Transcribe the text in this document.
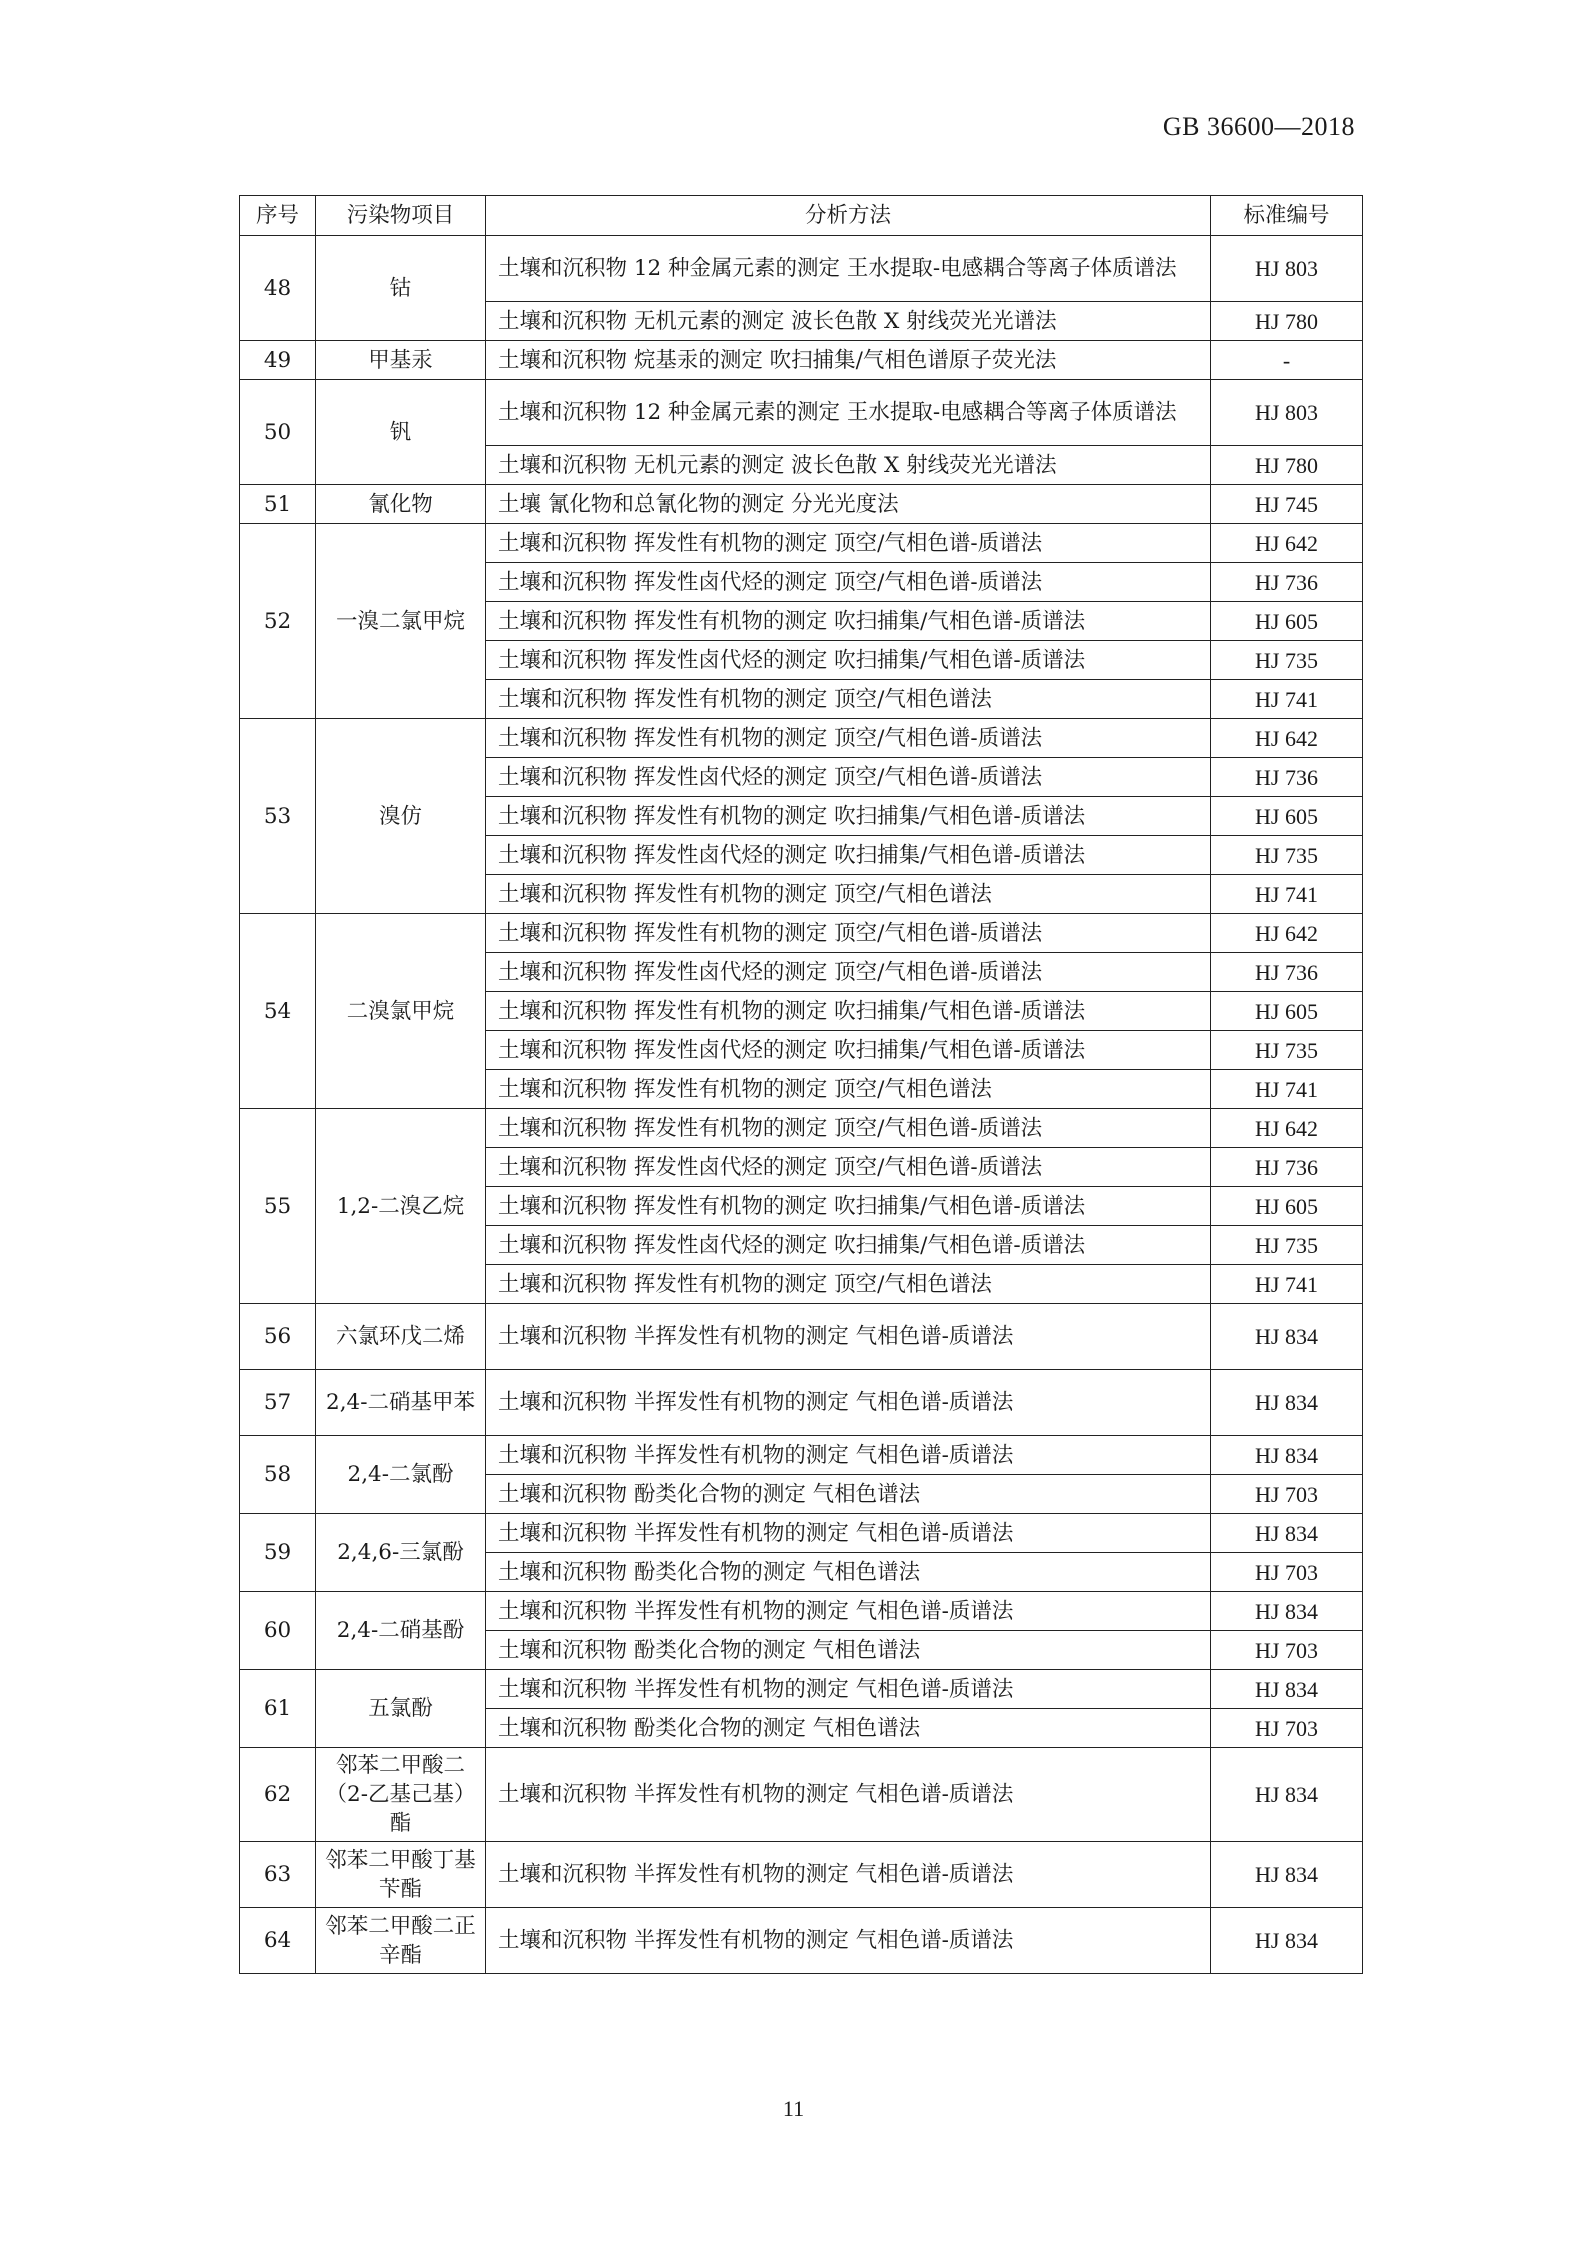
GB 36600—2018
序号	污染物项目	分析方法	标准编号
48	钴	土壤和沉积物 12 种金属元素的测定 王水提取-电感耦合等离子体质谱法	HJ 803
		土壤和沉积物 无机元素的测定 波长色散 X 射线荧光光谱法	HJ 780
49	甲基汞	土壤和沉积物 烷基汞的测定 吹扫捕集/气相色谱原子荧光法	-
50	钒	土壤和沉积物 12 种金属元素的测定 王水提取-电感耦合等离子体质谱法	HJ 803
		土壤和沉积物 无机元素的测定 波长色散 X 射线荧光光谱法	HJ 780
51	氰化物	土壤 氰化物和总氰化物的测定 分光光度法	HJ 745
52	一溴二氯甲烷	土壤和沉积物 挥发性有机物的测定 顶空/气相色谱-质谱法	HJ 642
		土壤和沉积物 挥发性卤代烃的测定 顶空/气相色谱-质谱法	HJ 736
		土壤和沉积物 挥发性有机物的测定 吹扫捕集/气相色谱-质谱法	HJ 605
		土壤和沉积物 挥发性卤代烃的测定 吹扫捕集/气相色谱-质谱法	HJ 735
		土壤和沉积物 挥发性有机物的测定 顶空/气相色谱法	HJ 741
53	溴仿	土壤和沉积物 挥发性有机物的测定 顶空/气相色谱-质谱法	HJ 642
		土壤和沉积物 挥发性卤代烃的测定 顶空/气相色谱-质谱法	HJ 736
		土壤和沉积物 挥发性有机物的测定 吹扫捕集/气相色谱-质谱法	HJ 605
		土壤和沉积物 挥发性卤代烃的测定 吹扫捕集/气相色谱-质谱法	HJ 735
		土壤和沉积物 挥发性有机物的测定 顶空/气相色谱法	HJ 741
54	二溴氯甲烷	土壤和沉积物 挥发性有机物的测定 顶空/气相色谱-质谱法	HJ 642
		土壤和沉积物 挥发性卤代烃的测定 顶空/气相色谱-质谱法	HJ 736
		土壤和沉积物 挥发性有机物的测定 吹扫捕集/气相色谱-质谱法	HJ 605
		土壤和沉积物 挥发性卤代烃的测定 吹扫捕集/气相色谱-质谱法	HJ 735
		土壤和沉积物 挥发性有机物的测定 顶空/气相色谱法	HJ 741
55	1,2-二溴乙烷	土壤和沉积物 挥发性有机物的测定 顶空/气相色谱-质谱法	HJ 642
		土壤和沉积物 挥发性卤代烃的测定 顶空/气相色谱-质谱法	HJ 736
		土壤和沉积物 挥发性有机物的测定 吹扫捕集/气相色谱-质谱法	HJ 605
		土壤和沉积物 挥发性卤代烃的测定 吹扫捕集/气相色谱-质谱法	HJ 735
		土壤和沉积物 挥发性有机物的测定 顶空/气相色谱法	HJ 741
56	六氯环戊二烯	土壤和沉积物 半挥发性有机物的测定 气相色谱-质谱法	HJ 834
57	2,4-二硝基甲苯	土壤和沉积物 半挥发性有机物的测定 气相色谱-质谱法	HJ 834
58	2,4-二氯酚	土壤和沉积物 半挥发性有机物的测定 气相色谱-质谱法	HJ 834
		土壤和沉积物 酚类化合物的测定 气相色谱法	HJ 703
59	2,4,6-三氯酚	土壤和沉积物 半挥发性有机物的测定 气相色谱-质谱法	HJ 834
		土壤和沉积物 酚类化合物的测定 气相色谱法	HJ 703
60	2,4-二硝基酚	土壤和沉积物 半挥发性有机物的测定 气相色谱-质谱法	HJ 834
		土壤和沉积物 酚类化合物的测定 气相色谱法	HJ 703
61	五氯酚	土壤和沉积物 半挥发性有机物的测定 气相色谱-质谱法	HJ 834
		土壤和沉积物 酚类化合物的测定 气相色谱法	HJ 703
62	邻苯二甲酸二（2-乙基己基）酯	土壤和沉积物 半挥发性有机物的测定 气相色谱-质谱法	HJ 834
63	邻苯二甲酸丁基苄酯	土壤和沉积物 半挥发性有机物的测定 气相色谱-质谱法	HJ 834
64	邻苯二甲酸二正辛酯	土壤和沉积物 半挥发性有机物的测定 气相色谱-质谱法	HJ 834
11
